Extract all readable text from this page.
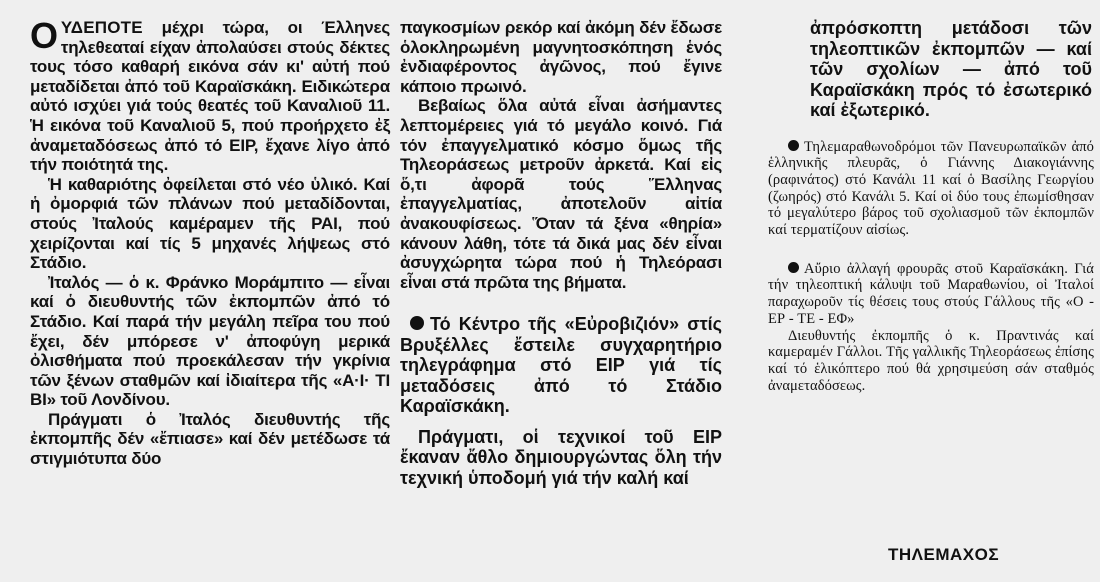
ΟΥΔΕΠΟΤΕ μέχρι τώρα, οι Έλληνες τηλεθεαταί είχαν ἀπολαύσει στούς δέκτες τους τόσο καθαρή εικόνα σάν κι' αὐτή πού μεταδίδεται ἀπό τοῦ Καραϊσκάκη. Ειδικώτερα αὐτό ισχύει γιά τούς θεατές τοῦ Καναλιοῦ 11. Ἡ εικόνα τοῦ Καναλιοῦ 5, πού προήρχετο ἐξ ἀναμεταδόσεως ἀπό τό ΕΙΡ, ἔχανε λίγο ἀπό τήν ποιότητά της.

Ἡ καθαριότης ὀφείλεται στό νέο ὑλικό. Καί ἡ ὀμορφιά τῶν πλάνων πού μεταδίδονται, στούς Ἰταλούς καμέραμεν τῆς ΡΑΙ, πού χειρίζονται καί τίς 5 μηχανές λήψεως στό Στάδιο.

Ἰταλός — ὁ κ. Φράνκο Μοράμπιτο — εἶναι καί ὁ διευθυντής τῶν ἐκπομπῶν ἀπό τό Στάδιο. Καί παρά τήν μεγάλη πεῖρα του πού ἔχει, δέν μπόρεσε ν' ἀποφύγη μερικά ὀλισθήματα πού προεκάλεσαν τήν γκρίνια τῶν ξένων σταθμῶν καί ἰδιαίτερα τῆς «Α·Ι· ΤΙ ΒΙ» τοῦ Λονδίνου.

Πράγματι ὁ Ἰταλός διευθυντής τῆς ἐκπομπῆς δέν «ἔπιασε» καί δέν μετέδωσε τά στιγμιότυπα δύο

παγκοσμίων ρεκόρ καί ἀκόμη δέν ἔδωσε ὁλοκληρωμένη μαγνητοσκόπηση ἑνός ἐνδιαφέροντος ἀγῶνος, πού ἔγινε κάποιο πρωινό.

Βεβαίως ὅλα αὐτά εἶναι ἀσήμαντες λεπτομέρειες γιά τό μεγάλο κοινό. Γιά τόν ἐπαγγελματικό κόσμο ὅμως τῆς Τηλεοράσεως μετροῦν ἀρκετά. Καί εἰς ὅ,τι ἀφορᾶ τούς Ἕλληνας ἐπαγγελματίας, ἀποτελοῦν αἰτία ἀνακουφίσεως. Ὅταν τά ξένα «θηρία» κάνουν λάθη, τότε τά δικά μας δέν εἶναι ἀσυγχώρητα τώρα πού ἡ Τηλεόρασι εἶναι στά πρῶτα της βήματα.

Τό Κέντρο τῆς «Εὐροβιζιόν» στίς Βρυξέλλες ἔστειλε συγχαρητήριο τηλεγράφημα στό ΕΙΡ γιά τίς μεταδόσεις ἀπό τό Στάδιο Καραϊσκάκη.

Πράγματι, οἱ τεχνικοί τοῦ ΕΙΡ ἔκαναν ἄθλο δημιουργώντας ὅλη τήν τεχνική ὑποδομή γιά τήν καλή καί

ἀπρόσκοπτη μετάδοσι τῶν τηλεοπτικῶν ἐκπομπῶν — καί τῶν σχολίων — ἀπό τοῦ Καραϊσκάκη πρός τό ἐσωτερικό καί ἐξωτερικό.

Τηλεμαραθωνοδρόμοι τῶν Πανευρωπαϊκῶν ἀπό ἑλληνικῆς πλευρᾶς, ὁ Γιάννης Διακογιάννης (ραφινάτος) στό Κανάλι 11 καί ὁ Βασίλης Γεωργίου (ζωηρός) στό Κανάλι 5. Καί οἱ δύο τους ἐπωμίσθησαν τό μεγαλύτερο βάρος τοῦ σχολιασμοῦ τῶν ἐκπομπῶν καί τερματίζουν αἰσίως.

Αὔριο ἀλλαγή φρουρᾶς στοῦ Καραϊσκάκη. Γιά τήν τηλεοπτική κάλυψι τοῦ Μαραθωνίου, οἱ Ἰταλοί παραχωροῦν τίς θέσεις τους στούς Γάλλους τῆς «Ο - ΕΡ - ΤΕ - ΕΦ»

Διευθυντής ἐκπομπῆς ὁ κ. Πραντινάς καί καμεραμέν Γάλλοι. Τῆς γαλλικῆς Τηλεοράσεως ἐπίσης καί τό ἑλικόπτερο πού θά χρησιμεύση σάν σταθμός ἀναμεταδόσεως.

ΤΗΛΕΜΑΧΟΣ
